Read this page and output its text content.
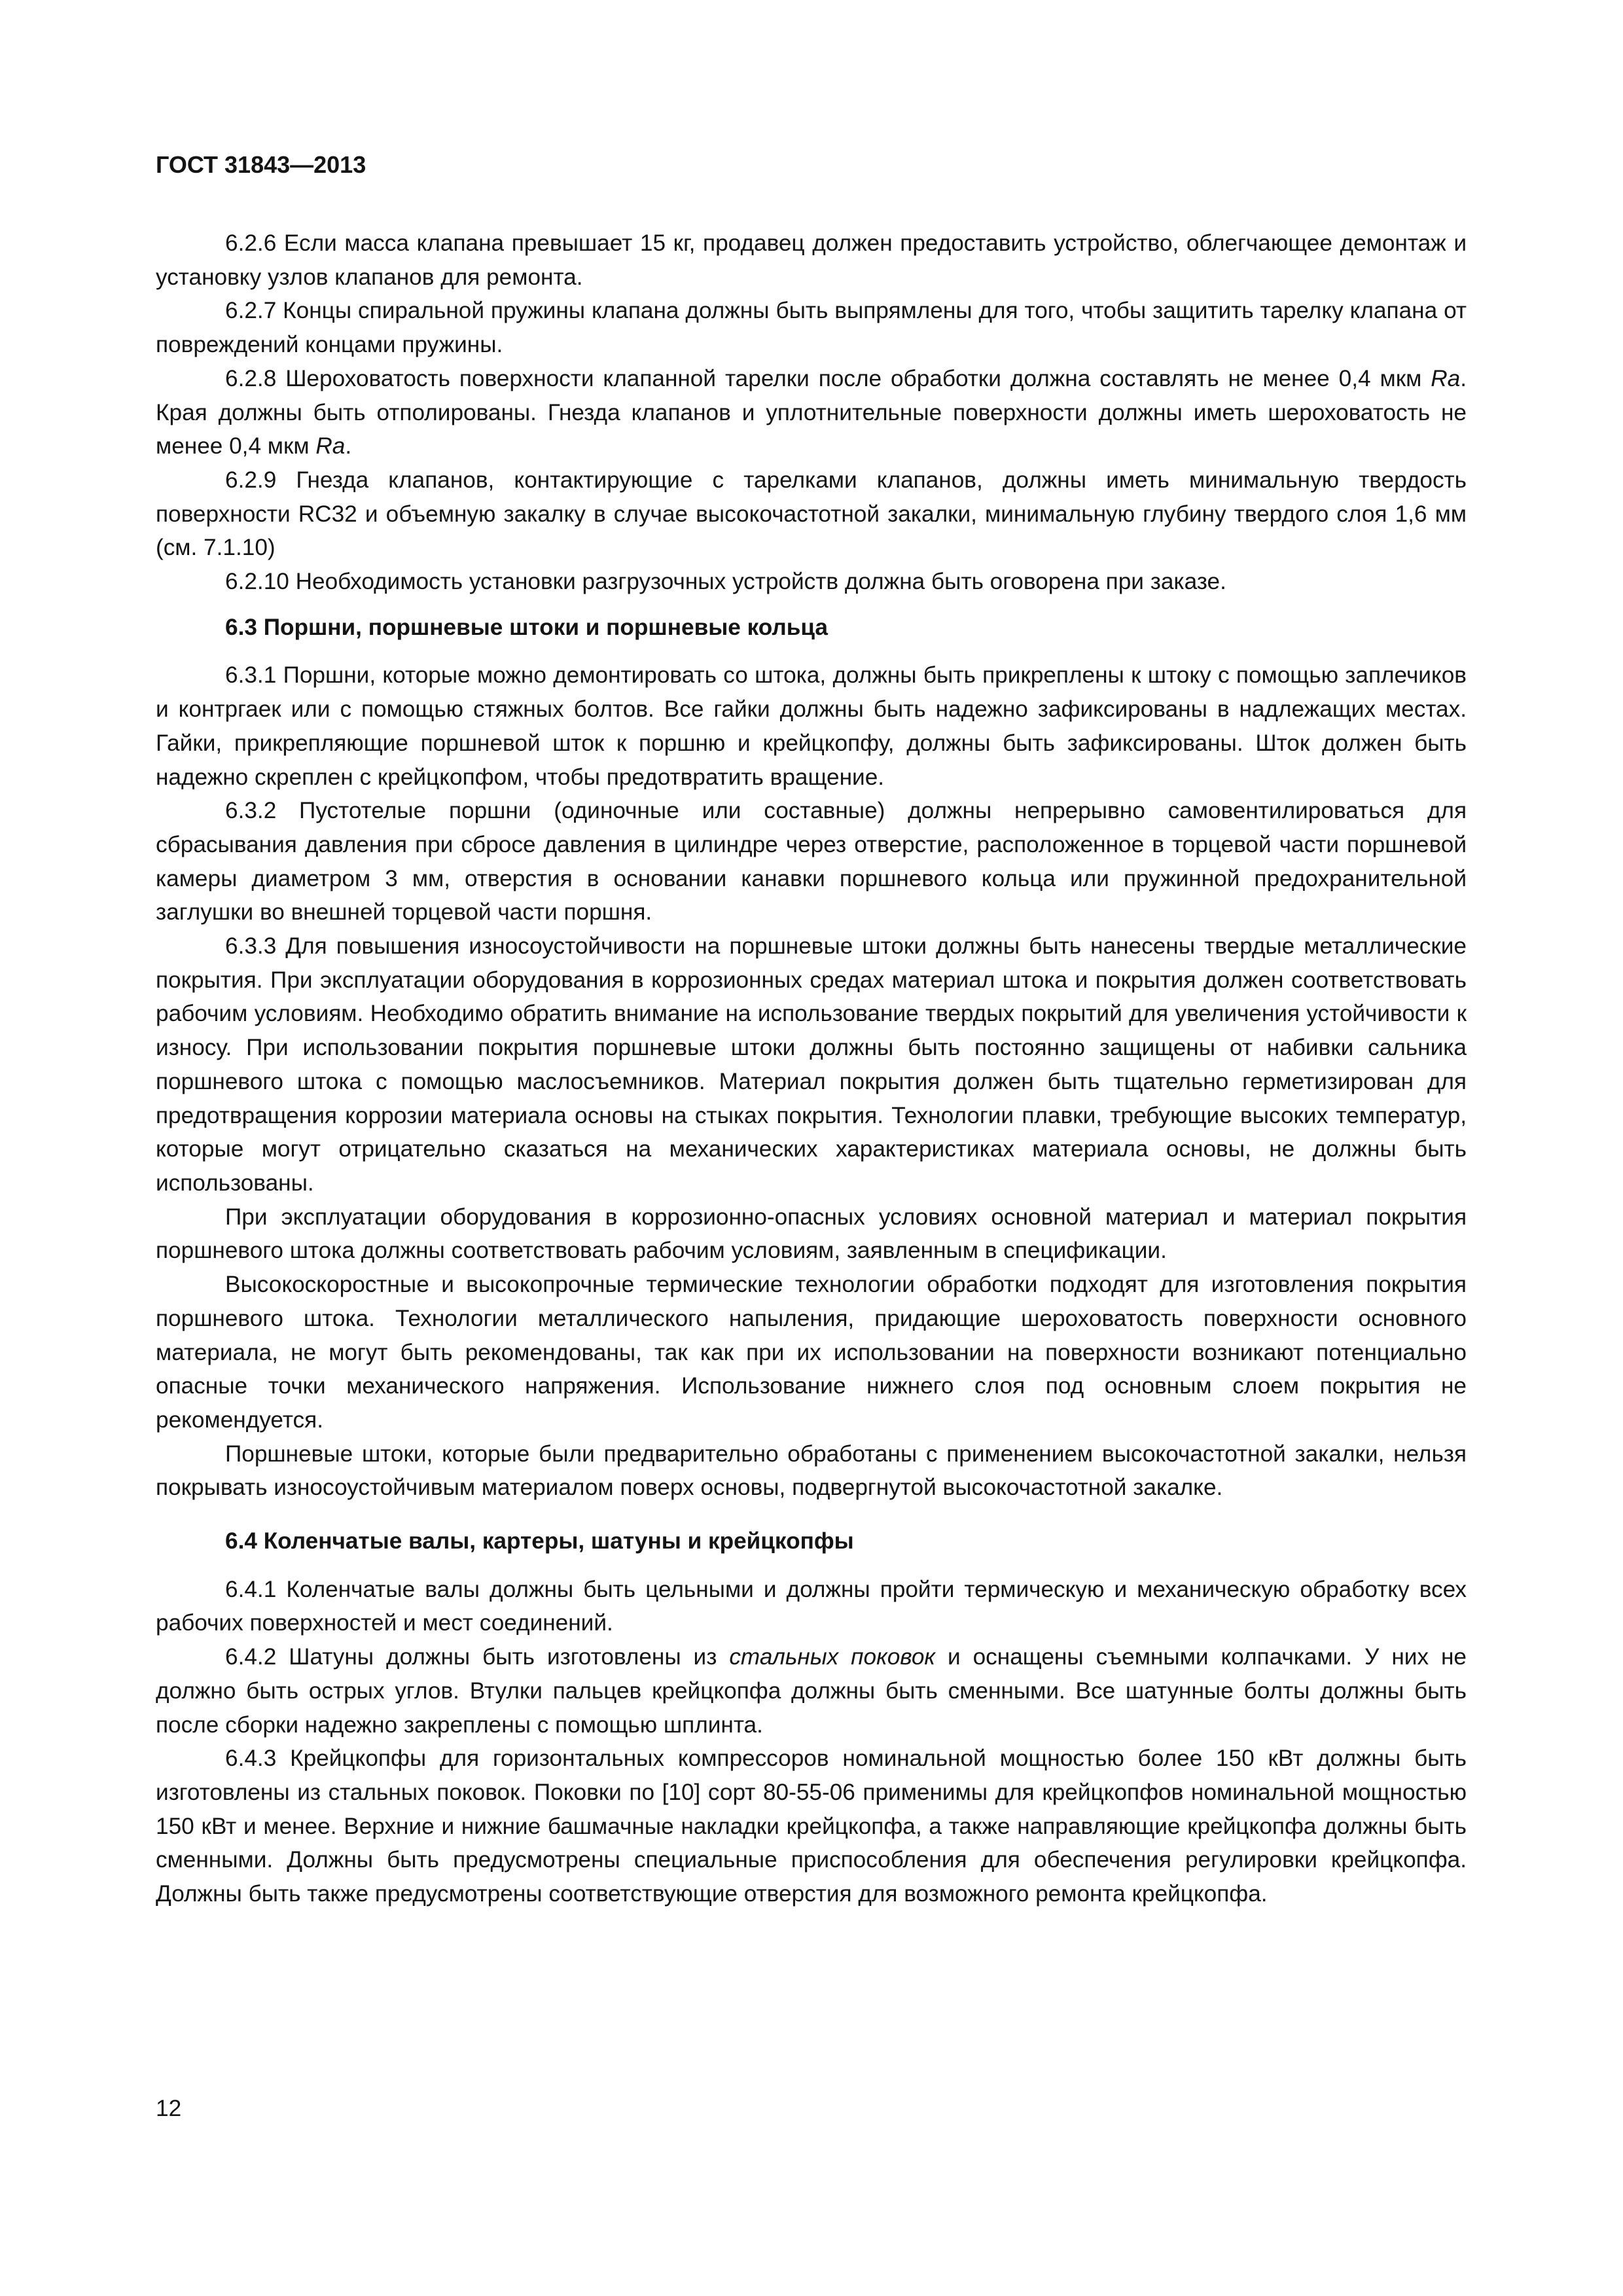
ГОСТ 31843—2013

6.2.6 Если масса клапана превышает 15 кг, продавец должен предоставить устройство, облегчающее демонтаж и установку узлов клапанов для ремонта.

6.2.7 Концы спиральной пружины клапана должны быть выпрямлены для того, чтобы защитить тарелку клапана от повреждений концами пружины.

6.2.8 Шероховатость поверхности клапанной тарелки после обработки должна составлять не менее 0,4 мкм Ra. Края должны быть отполированы. Гнезда клапанов и уплотнительные поверхности должны иметь шероховатость не менее 0,4 мкм Ra.

6.2.9 Гнезда клапанов, контактирующие с тарелками клапанов, должны иметь минимальную твердость поверхности RC32 и объемную закалку в случае высокочастотной закалки, минимальную глубину твердого слоя 1,6 мм (см. 7.1.10)

6.2.10 Необходимость установки разгрузочных устройств должна быть оговорена при заказе.

6.3 Поршни, поршневые штоки и поршневые кольца

6.3.1 Поршни, которые можно демонтировать со штока, должны быть прикреплены к штоку с помощью заплечиков и контргаек или с помощью стяжных болтов. Все гайки должны быть надежно зафиксированы в надлежащих местах. Гайки, прикрепляющие поршневой шток к поршню и крейцкопфу, должны быть зафиксированы. Шток должен быть надежно скреплен с крейцкопфом, чтобы предотвратить вращение.

6.3.2 Пустотелые поршни (одиночные или составные) должны непрерывно самовентилироваться для сбрасывания давления при сбросе давления в цилиндре через отверстие, расположенное в торцевой части поршневой камеры диаметром 3 мм, отверстия в основании канавки поршневого кольца или пружинной предохранительной заглушки во внешней торцевой части поршня.

6.3.3 Для повышения износоустойчивости на поршневые штоки должны быть нанесены твердые металлические покрытия. При эксплуатации оборудования в коррозионных средах материал штока и покрытия должен соответствовать рабочим условиям. Необходимо обратить внимание на использование твердых покрытий для увеличения устойчивости к износу. При использовании покрытия поршневые штоки должны быть постоянно защищены от набивки сальника поршневого штока с помощью маслосъемников. Материал покрытия должен быть тщательно герметизирован для предотвращения коррозии материала основы на стыках покрытия. Технологии плавки, требующие высоких температур, которые могут отрицательно сказаться на механических характеристиках материала основы, не должны быть использованы.

При эксплуатации оборудования в коррозионно-опасных условиях основной материал и материал покрытия поршневого штока должны соответствовать рабочим условиям, заявленным в спецификации.

Высокоскоростные и высокопрочные термические технологии обработки подходят для изготовления покрытия поршневого штока. Технологии металлического напыления, придающие шероховатость поверхности основного материала, не могут быть рекомендованы, так как при их использовании на поверхности возникают потенциально опасные точки механического напряжения. Использование нижнего слоя под основным слоем покрытия не рекомендуется.

Поршневые штоки, которые были предварительно обработаны с применением высокочастотной закалки, нельзя покрывать износоустойчивым материалом поверх основы, подвергнутой высокочастотной закалке.

6.4 Коленчатые валы, картеры, шатуны и крейцкопфы

6.4.1 Коленчатые валы должны быть цельными и должны пройти термическую и механическую обработку всех рабочих поверхностей и мест соединений.

6.4.2 Шатуны должны быть изготовлены из стальных поковок и оснащены съемными колпачками. У них не должно быть острых углов. Втулки пальцев крейцкопфа должны быть сменными. Все шатунные болты должны быть после сборки надежно закреплены с помощью шплинта.

6.4.3 Крейцкопфы для горизонтальных компрессоров номинальной мощностью более 150 кВт должны быть изготовлены из стальных поковок. Поковки по [10] сорт 80-55-06 применимы для крейцкопфов номинальной мощностью 150 кВт и менее. Верхние и нижние башмачные накладки крейцкопфа, а также направляющие крейцкопфа должны быть сменными. Должны быть предусмотрены специальные приспособления для обеспечения регулировки крейцкопфа. Должны быть также предусмотрены соответствующие отверстия для возможного ремонта крейцкопфа.

12
